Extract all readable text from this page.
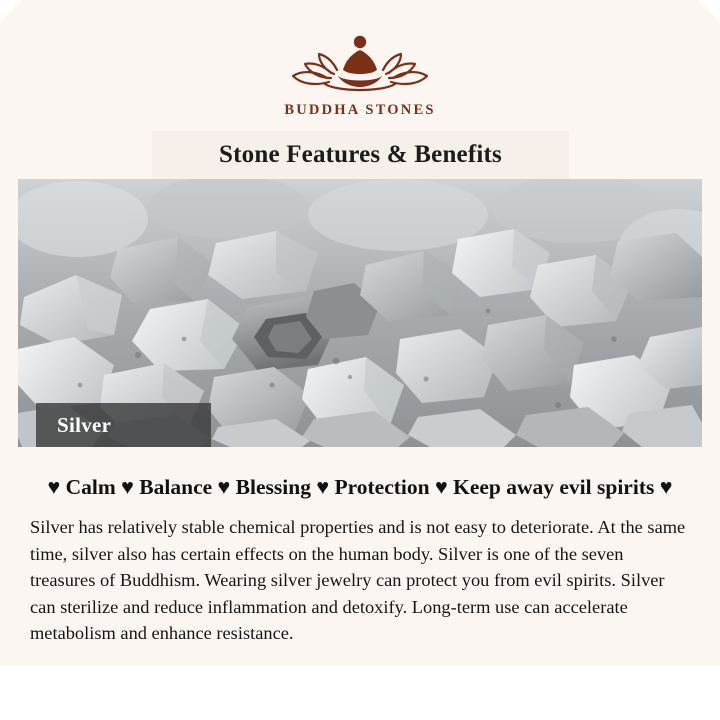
BUDDHA STONES
Stone Features & Benefits
Silver
♥ Calm ♥ Balance ♥ Blessing ♥ Protection ♥ Keep away evil spirits ♥
Silver has relatively stable chemical properties and is not easy to deteriorate. At the same time, silver also has certain effects on the human body. Silver is one of the seven treasures of Buddhism. Wearing silver jewelry can protect you from evil spirits. Silver can sterilize and reduce inflammation and detoxify. Long-term use can accelerate metabolism and enhance resistance.
